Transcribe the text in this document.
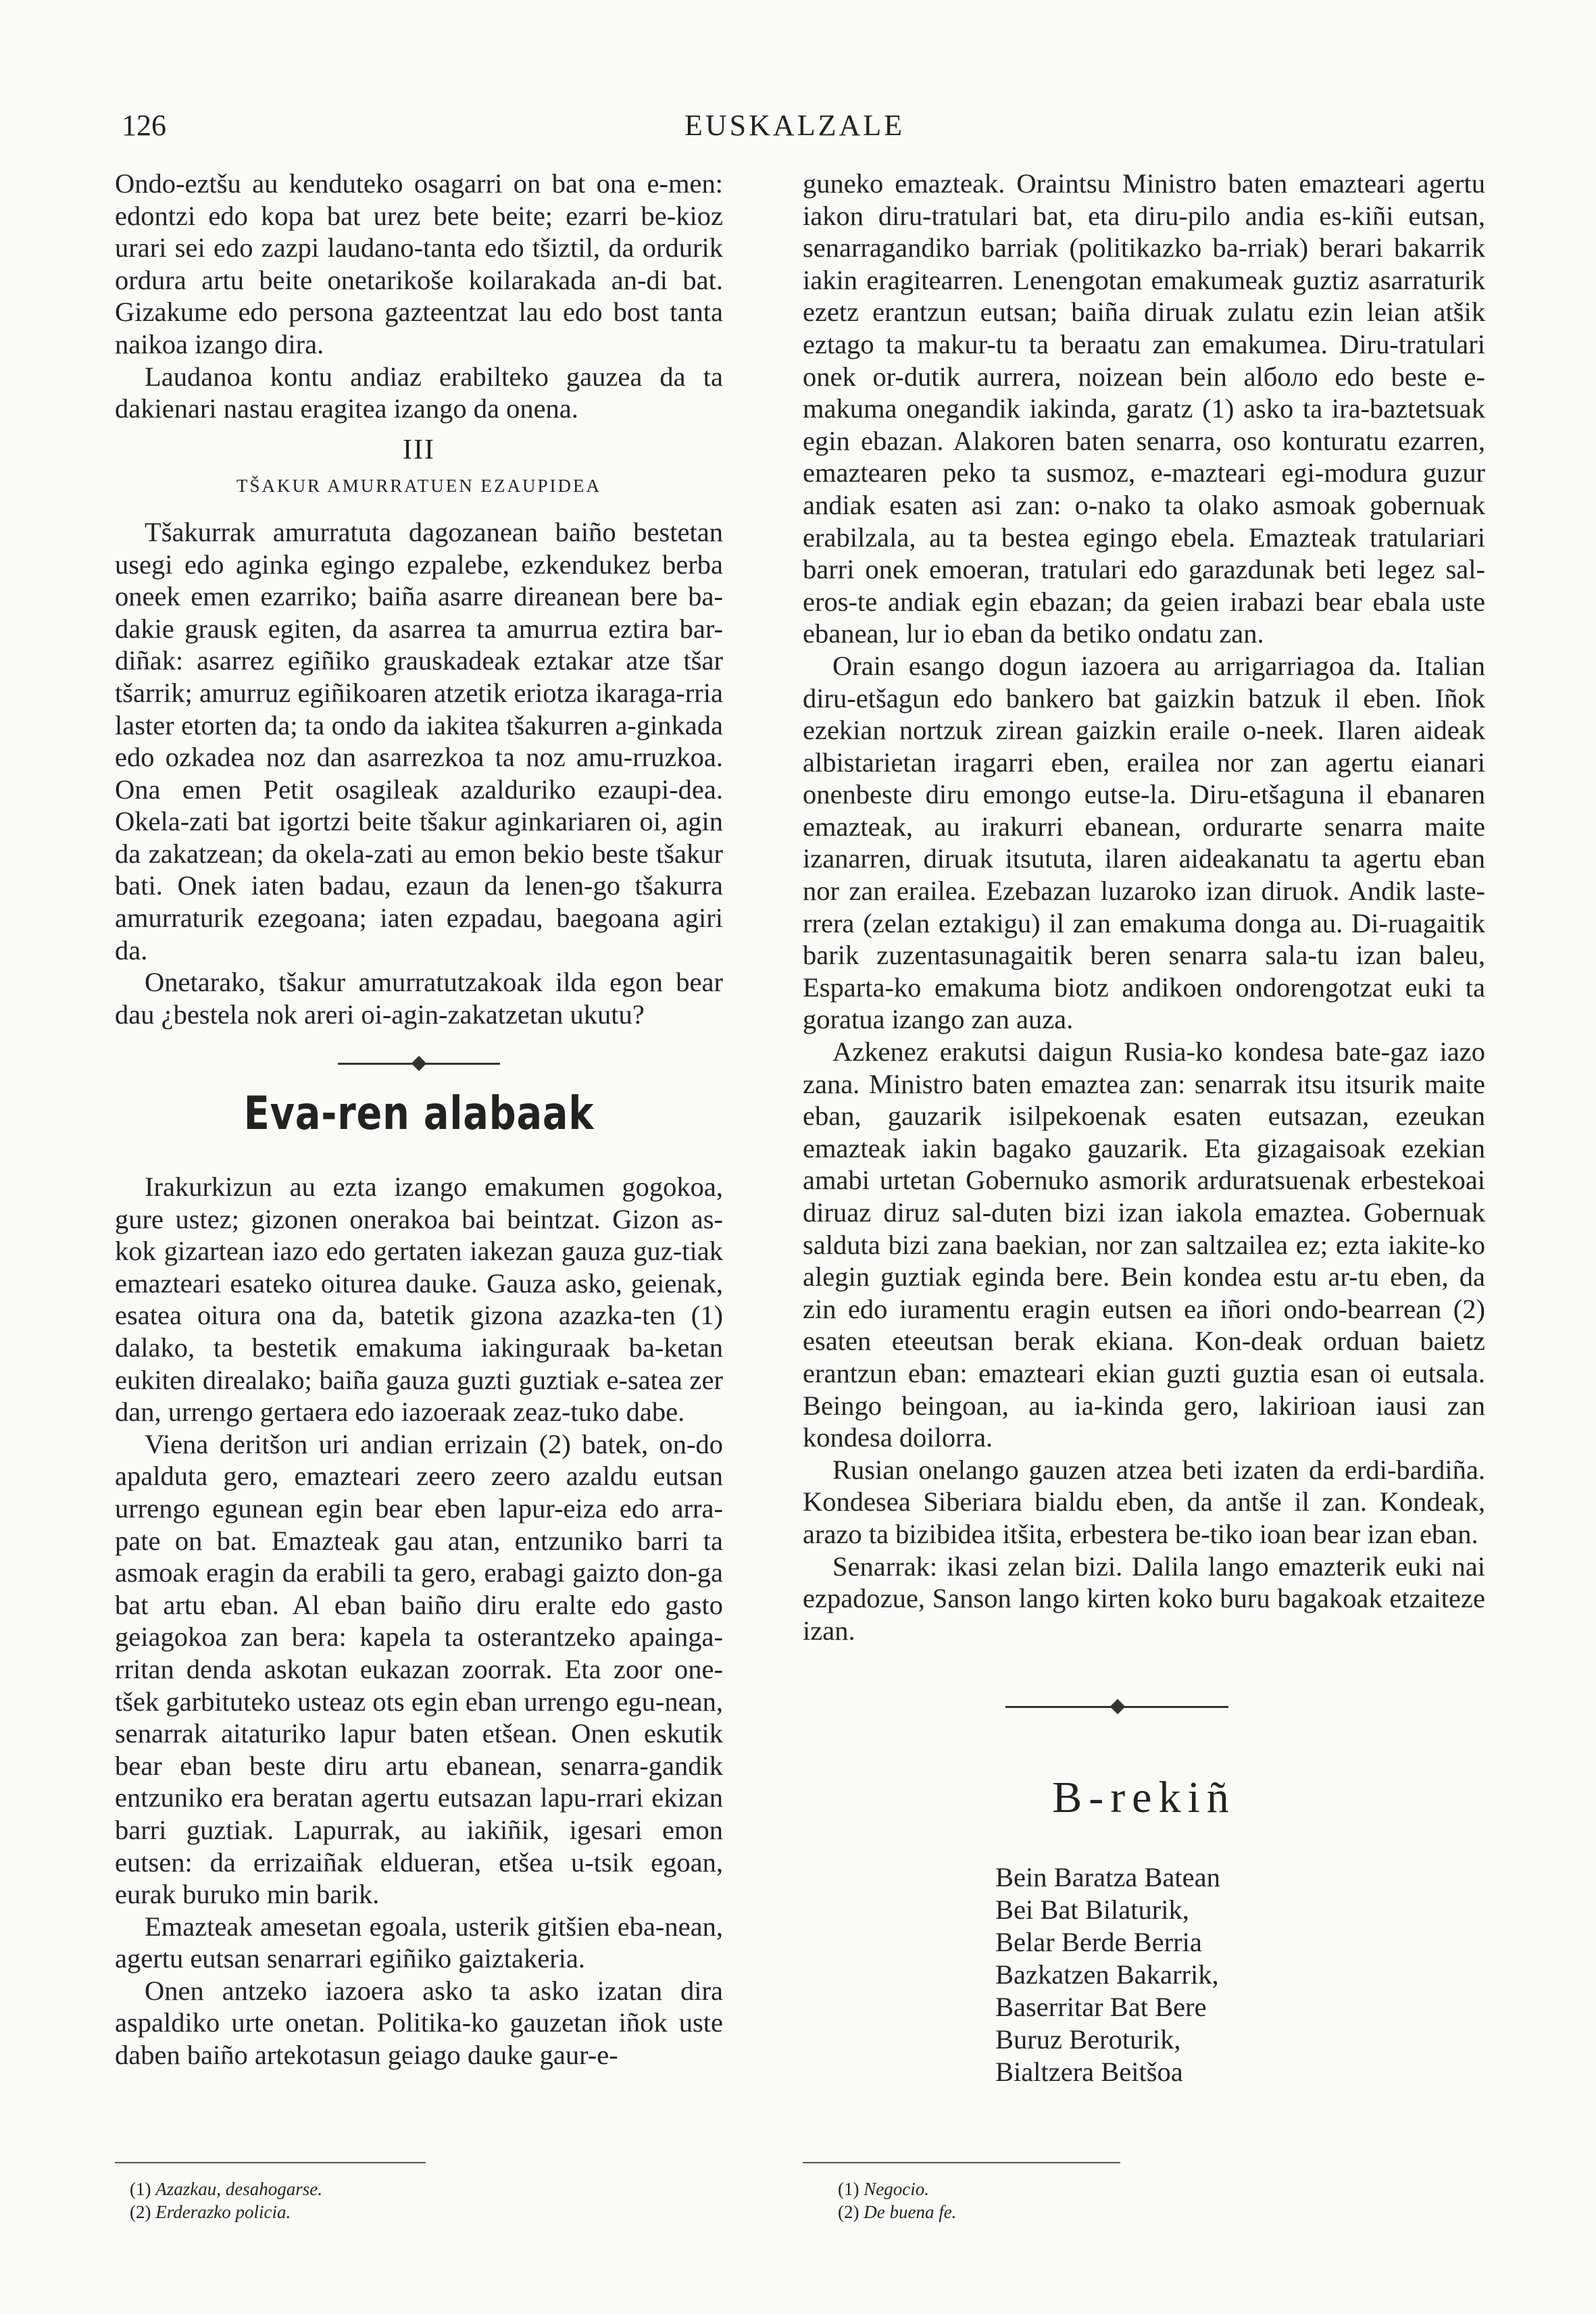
126	EUSKALZALE

Ondo-eztšu au kenduteko osagarri on bat ona e-men: edontzi edo kopa bat urez bete beite; ezarri be-kioz urari sei edo zazpi laudano-tanta edo tšiztil, da ordurik ordura artu beite onetarikoše koilarakada an-di bat. Gizakume edo persona gazteentzat lau edo bost tanta naikoa izango dira.

Laudanoa kontu andiaz erabilteko gauzea da ta dakienari nastau eragitea izango da onena.

III
TŠAKUR AMURRATUEN EZAUPIDEA

Tšakurrak amurratuta dagozanean baiño bestetan usegi edo aginka egingo ezpalebe, ezkendukez berba oneek emen ezarriko; baiña asarre direanean bere ba-dakie grausk egiten, da asarrea ta amurrua eztira bar-diñak: asarrez egiñiko grauskadeak eztakar atze tšar tšarrik; amurruz egiñikoaren atzetik eriotza ikaraga-rria laster etorten da; ta ondo da iakitea tšakurren a-ginkada edo ozkadea noz dan asarrezkoa ta noz amu-rruzkoa. Ona emen Petit osagileak azalduriko ezaupi-dea. Okela-zati bat igortzi beite tšakur aginkariaren oi, agin da zakatzean; da okela-zati au emon bekio beste tšakur bati. Onek iaten badau, ezaun da lenen-go tšakurra amurraturik ezegoana; iaten ezpadau, baegoana agiri da.

Onetarako, tšakur amurratutzakoak ilda egon bear dau ¿bestela nok areri oi-agin-zakatzetan ukutu?

Eva-ren alabaak

Irakurkizun au ezta izango emakumen gogokoa, gure ustez; gizonen onerakoa bai beintzat. Gizon as-kok gizartean iazo edo gertaten iakezan gauza guz-tiak emazteari esateko oiturea dauke. Gauza asko, geienak, esatea oitura ona da, batetik gizona azazka-ten (1) dalako, ta bestetik emakuma iakinguraak ba-ketan eukiten direalako; baiña gauza guzti guztiak e-satea zer dan, urrengo gertaera edo iazoeraak zeaz-tuko dabe.

Viena deritšon uri andian errizain (2) batek, on-do apalduta gero, emazteari zeero zeero azaldu eutsan urrengo egunean egin bear eben lapur-eiza edo arra-pate on bat. Emazteak gau atan, entzuniko barri ta asmoak eragin da erabili ta gero, erabagi gaizto don-ga bat artu eban. Al eban baiño diru eralte edo gasto geiagokoa zan bera: kapela ta osterantzeko apainga-rritan denda askotan eukazan zoorrak. Eta zoor one-tšek garbituteko usteaz ots egin eban urrengo egu-nean, senarrak aitaturiko lapur baten etšean. Onen eskutik bear eban beste diru artu ebanean, senarra-gandik entzuniko era beratan agertu eutsazan lapu-rrari ekizan barri guztiak. Lapurrak, au iakiñik, igesari emon eutsen: da errizaiñak eldueran, etšea u-tsik egoan, eurak buruko min barik.

Emazteak amesetan egoala, usterik gitšien eba-nean, agertu eutsan senarrari egiñiko gaiztakeria.

Onen antzeko iazoera asko ta asko izatan dira aspaldiko urte onetan. Politika-ko gauzetan iñok uste daben baiño artekotasun geiago dauke gaur-e-

guneko emazteak. Oraintsu Ministro baten emazteari agertu iakon diru-tratulari bat, eta diru-pilo andia es-kiñi eutsan, senarragandiko barriak (politikazko ba-rriak) berari bakarrik iakin eragitearren. Lenengotan emakumeak guztiz asarraturik ezetz erantzun eutsan; baiña diruak zulatu ezin leian atšik eztago ta makur-tu ta beraatu zan emakumea. Diru-tratulari onek or-dutik aurrera, noizean bein alболо edo beste e-makuma onegandik iakinda, garatz (1) asko ta ira-baztetsuak egin ebazan. Alakoren baten senarra, oso konturatu ezarren, emaztearen peko ta susmoz, e-mazteari egi-modura guzur andiak esaten asi zan: o-nako ta olako asmoak gobernuak erabilzala, au ta bestea egingo ebela. Emazteak tratulariari barri onek emoeran, tratulari edo garazdunak beti legez sal-eros-te andiak egin ebazan; da geien irabazi bear ebala uste ebanean, lur io eban da betiko ondatu zan.

Orain esango dogun iazoera au arrigarriagoa da. Italian diru-etšagun edo bankero bat gaizkin batzuk il eben. Iñok ezekian nortzuk zirean gaizkin eraile o-neek. Ilaren aideak albistarietan iragarri eben, eraileа nor zan agertu eianari onenbeste diru emongo eutse-la. Diru-etšaguna il ebanaren emazteak, au irakurri ebanean, ordurarte senarra maite izanarren, diruak itsututa, ilaren aideakanatu ta agertu eban nor zan eraileа. Ezebazan luzaroko izan diruok. Andik laste-rrera (zelan eztakigu) il zan emakuma donga au. Di-ruagaitik barik zuzentasunagaitik beren senarra sala-tu izan baleu, Esparta-ko emakuma biotz andikoen ondorengotzat euki ta goratua izango zan auza.

Azkenez erakutsi daigun Rusia-ko kondesa bate-gaz iazo zana. Ministro baten emaztea zan: senarrak itsu itsurik maite eban, gauzarik isilpekoenak esaten eutsazan, ezeukan emazteak iakin bagako gauzarik. Eta gizagaisoak ezekian amabi urtetan Gobernuko asmorik arduratsuenak erbestekoai diruaz diruz sal-duten bizi izan iakola emaztea. Gobernuak salduta bizi zana baekian, nor zan saltzailea ez; ezta iakite-ko alegin guztiak egindа bere. Bein kondea estu ar-tu eben, da zin edo iuramentu eragin eutsen ea iñori ondo-bearrean (2) esaten eteeutsan berak ekiana. Kon-deak orduan baietz erantzun eban: emazteari ekian guzti guztia esan oi eutsala. Beingo beingoan, au ia-kinda gero, lakirioan iausi zan kondesa doilorra.

Rusian onelango gauzen atzea beti izaten da erdi-bardiña. Kondesea Siberiara bialdu eben, da antše il zan. Kondeak, arazo ta bizibidea itšita, erbestera be-tiko ioan bear izan eban.

Senarrak: ikasi zelan bizi. Dalila lango emazterik euki nai ezpadozue, Sanson lango kirten koko buru bagakoak etzaiteze izan.

B-rekiñ
Bein Baratza Batean
Bei Bat Bilaturik,
Belar Berde Berria
Bazkatzen Bakarrik,
Baserritar Bat Bere
Buruz Beroturik,
Bialtzera Beitšoa
(1) Azazkau, desahogarse.
(2) Erderazko policia.
(1) Negocio.
(2) De buena fe.
